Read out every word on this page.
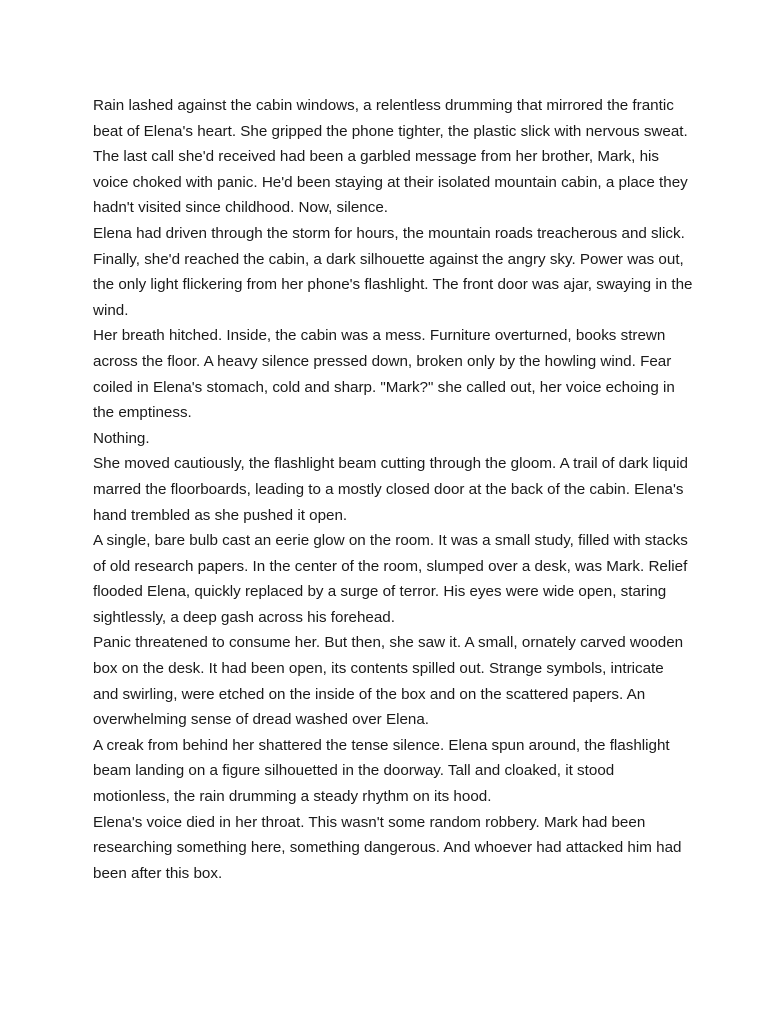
Rain lashed against the cabin windows, a relentless drumming that mirrored the frantic beat of Elena's heart. She gripped the phone tighter, the plastic slick with nervous sweat. The last call she'd received had been a garbled message from her brother, Mark, his voice choked with panic. He'd been staying at their isolated mountain cabin, a place they hadn't visited since childhood. Now, silence.

Elena had driven through the storm for hours, the mountain roads treacherous and slick. Finally, she'd reached the cabin, a dark silhouette against the angry sky. Power was out, the only light flickering from her phone's flashlight. The front door was ajar, swaying in the wind.

Her breath hitched. Inside, the cabin was a mess. Furniture overturned, books strewn across the floor. A heavy silence pressed down, broken only by the howling wind. Fear coiled in Elena's stomach, cold and sharp. "Mark?" she called out, her voice echoing in the emptiness.

Nothing.

She moved cautiously, the flashlight beam cutting through the gloom. A trail of dark liquid marred the floorboards, leading to a mostly closed door at the back of the cabin. Elena's hand trembled as she pushed it open.

A single, bare bulb cast an eerie glow on the room. It was a small study, filled with stacks of old research papers. In the center of the room, slumped over a desk, was Mark. Relief flooded Elena, quickly replaced by a surge of terror. His eyes were wide open, staring sightlessly, a deep gash across his forehead.

Panic threatened to consume her. But then, she saw it. A small, ornately carved wooden box on the desk. It had been open, its contents spilled out. Strange symbols, intricate and swirling, were etched on the inside of the box and on the scattered papers. An overwhelming sense of dread washed over Elena.

A creak from behind her shattered the tense silence. Elena spun around, the flashlight beam landing on a figure silhouetted in the doorway. Tall and cloaked, it stood motionless, the rain drumming a steady rhythm on its hood.

Elena's voice died in her throat. This wasn't some random robbery. Mark had been researching something here, something dangerous. And whoever had attacked him had been after this box.
